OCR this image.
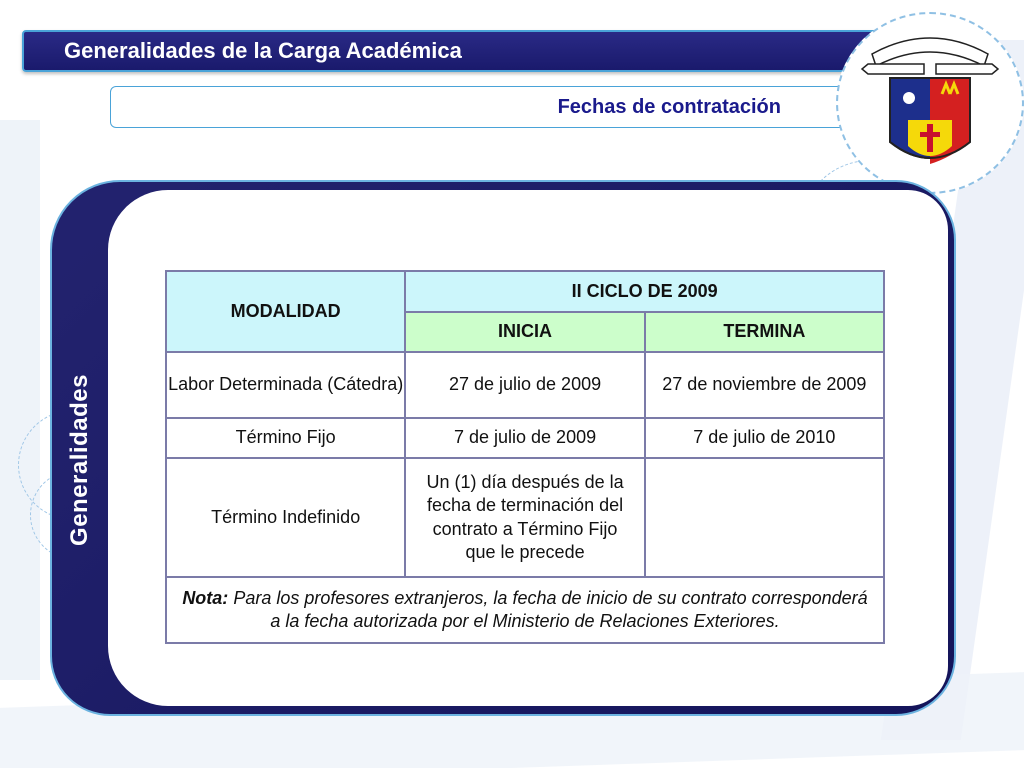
Generalidades de la Carga Académica
Fechas de contratación
Generalidades
MODALIDAD	II CICLO DE 2009	
	INICIA	TERMINA
Labor Determinada (Cátedra)	27 de julio de 2009	27 de noviembre de 2009
Término Fijo	7 de julio de 2009	7 de julio de 2010
Término Indefinido	Un (1) día después de la fecha de terminación del contrato a Término Fijo que le precede	
Nota: Para los profesores extranjeros, la fecha de inicio de su contrato corresponderá a la fecha autorizada por el Ministerio de Relaciones Exteriores.		
